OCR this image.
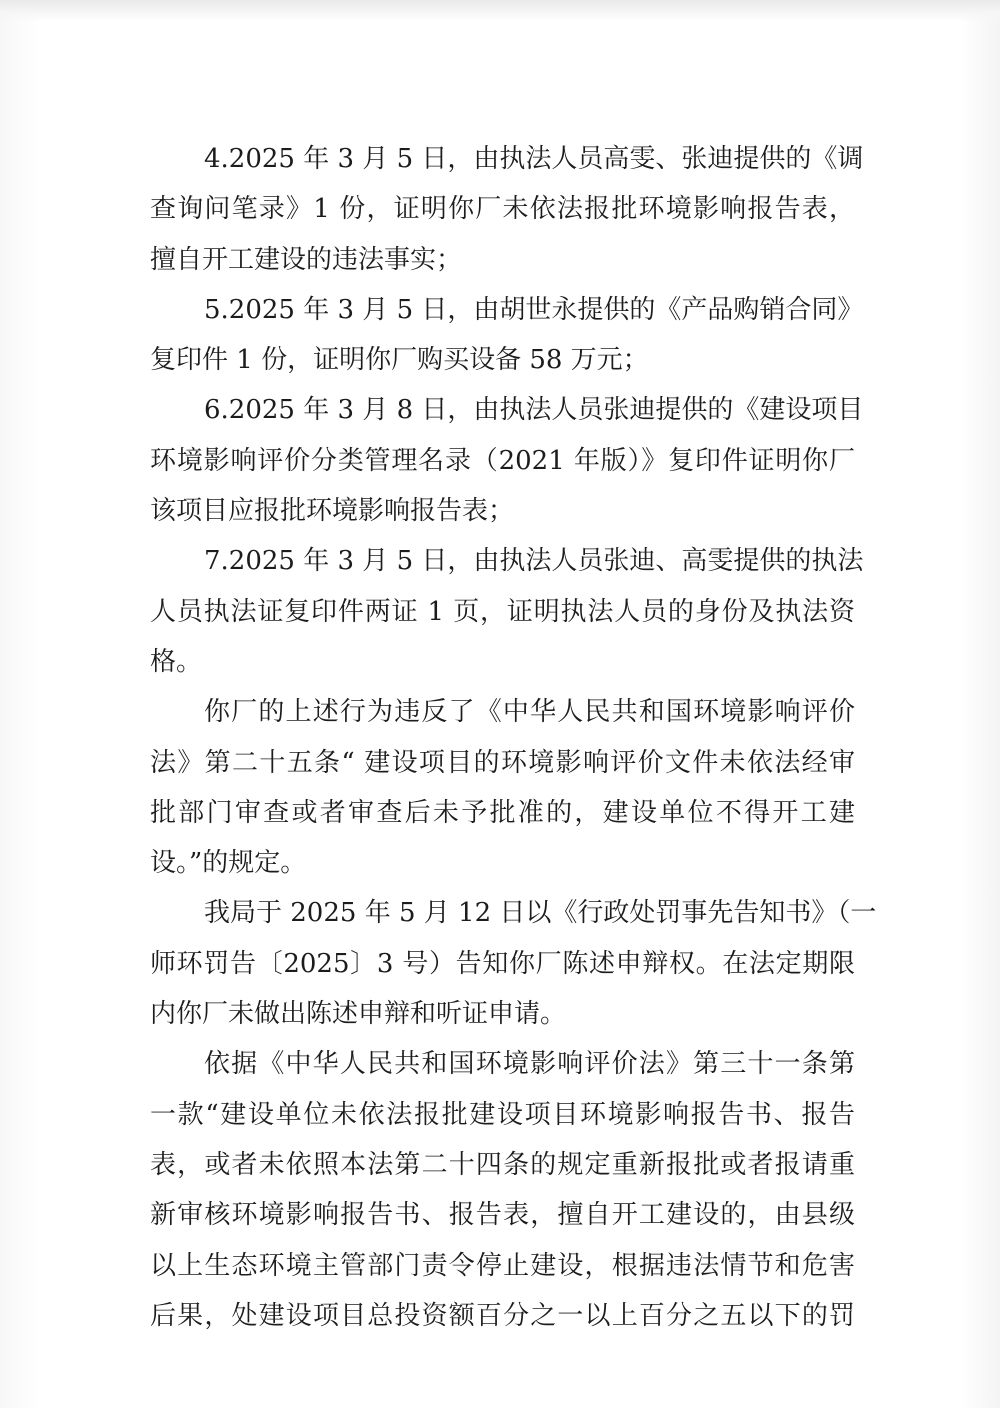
4.2025 年 3 月 5 日，由执法人员高雯、张迪提供的《调
查询问笔录》1 份，证明你厂未依法报批环境影响报告表，
擅自开工建设的违法事实；
5.2025 年 3 月 5 日，由胡世永提供的《产品购销合同》
复印件 1 份，证明你厂购买设备 58 万元；
6.2025 年 3 月 8 日，由执法人员张迪提供的《建设项目
环境影响评价分类管理名录（2021 年版）》复印件证明你厂
该项目应报批环境影响报告表；
7.2025 年 3 月 5 日，由执法人员张迪、高雯提供的执法
人员执法证复印件两证 1 页，证明执法人员的身份及执法资
格。
你厂的上述行为违反了《中华人民共和国环境影响评价
法》第二十五条“ 建设项目的环境影响评价文件未依法经审
批部门审查或者审查后未予批准的，建设单位不得开工建
设。”的规定。
我局于 2025 年 5 月 12 日以《行政处罚事先告知书》（一
师环罚告〔2025〕3 号）告知你厂陈述申辩权。在法定期限
内你厂未做出陈述申辩和听证申请。
依据《中华人民共和国环境影响评价法》第三十一条第
一款“建设单位未依法报批建设项目环境影响报告书、报告
表，或者未依照本法第二十四条的规定重新报批或者报请重
新审核环境影响报告书、报告表，擅自开工建设的，由县级
以上生态环境主管部门责令停止建设，根据违法情节和危害
后果，处建设项目总投资额百分之一以上百分之五以下的罚
